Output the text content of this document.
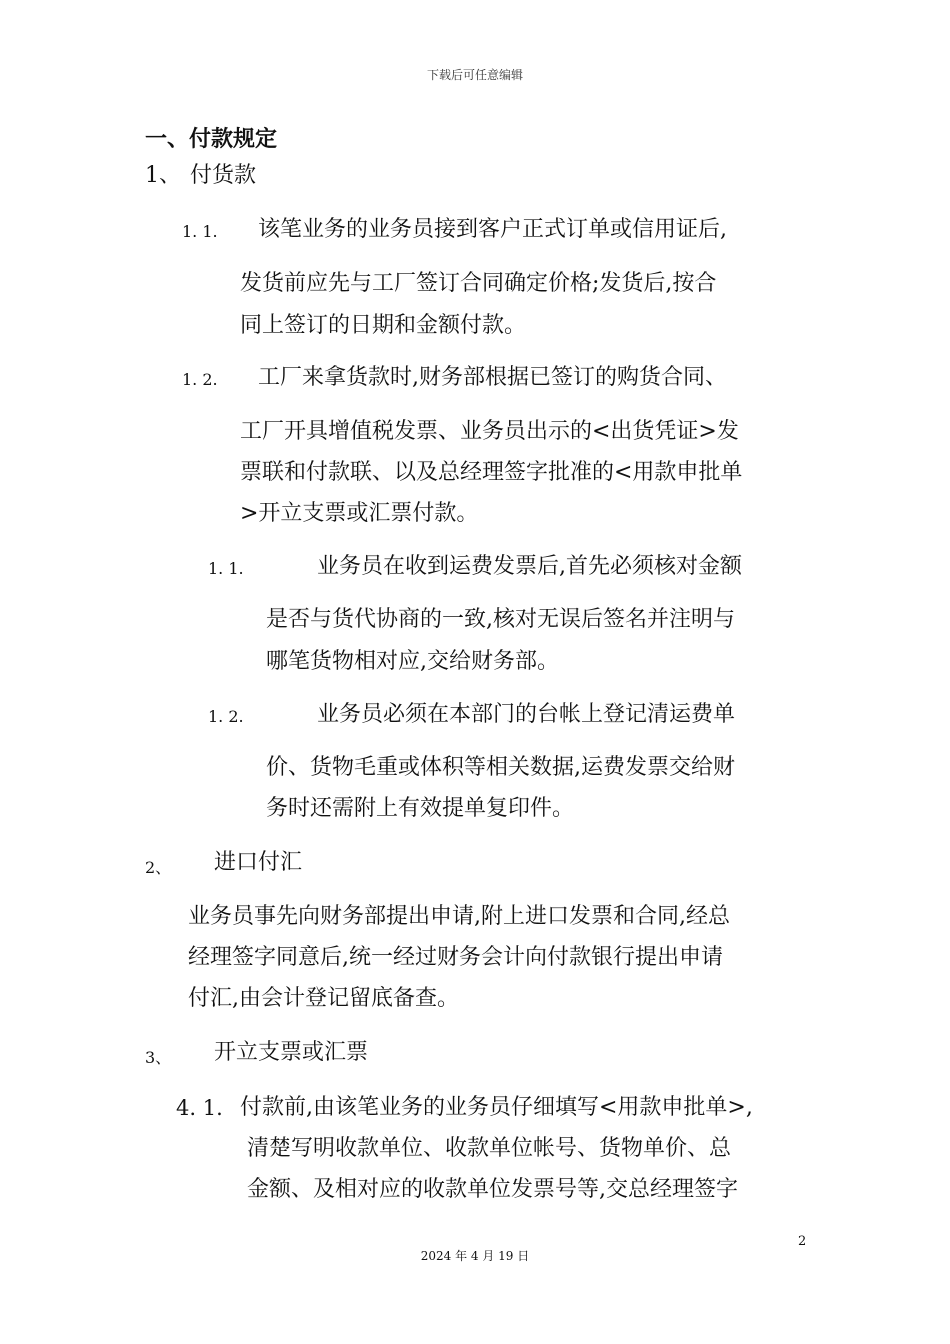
下载后可任意编辑
一、付款规定
1、 付货款
1. 1. 该笔业务的业务员接到客户正式订单或信用证后,
发货前应先与工厂签订合同确定价格;发货后,按合
同上签订的日期和金额付款。
1. 2. 工厂来拿货款时,财务部根据已签订的购货合同、
工厂开具增值税发票、业务员出示的<出货凭证>发
票联和付款联、以及总经理签字批准的<用款申批单
>开立支票或汇票付款。
1. 1.	业务员在收到运费发票后,首先必须核对金额
是否与货代协商的一致,核对无误后签名并注明与
哪笔货物相对应,交给财务部。
1. 2.	业务员必须在本部门的台帐上登记清运费单
价、货物毛重或体积等相关数据,运费发票交给财
务时还需附上有效提单复印件。
2、 进口付汇
业务员事先向财务部提出申请,附上进口发票和合同,经总
经理签字同意后,统一经过财务会计向付款银行提出申请
付汇,由会计登记留底备查。
3、 开立支票或汇票
4. 1. 付款前,由该笔业务的业务员仔细填写<用款申批单>,
清楚写明收款单位、收款单位帐号、货物单价、总
金额、及相对应的收款单位发票号等,交总经理签字
2
2024 年 4 月 19 日
